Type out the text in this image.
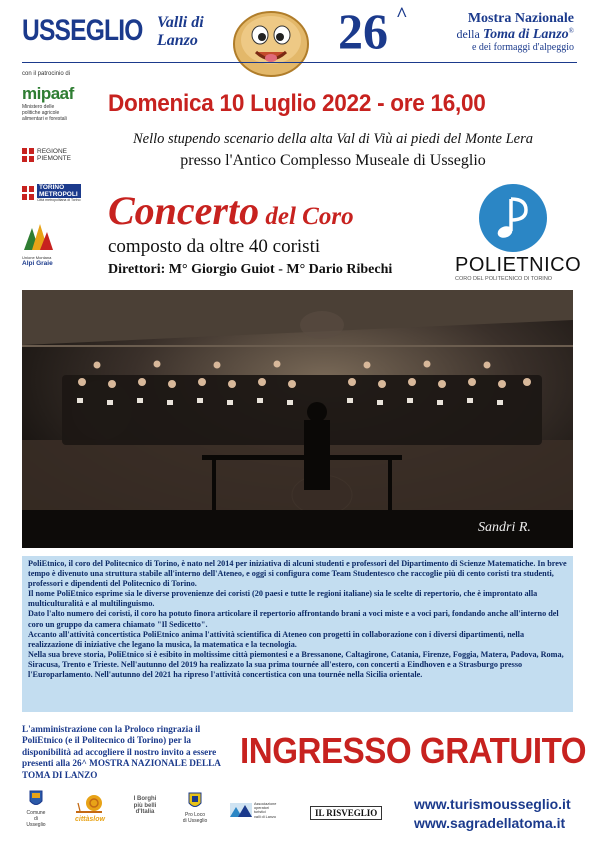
USSEGLIO Valli di
Lanzo	26 ^	Mostra Nazionale
della Toma di Lanzo®
e dei formaggi d'alpeggio
con il patrocinio di
mipaaf
Ministero delle
politiche agricole
alimentari e forestali
REGIONE
PIEMONTE
TORINO
METROPOLI
Città metropolitana di Torino
Unione Montana
Alpi Graie
Domenica 10 Luglio 2022 - ore 16,00
Nello stupendo scenario della alta Val di Viù ai piedi del Monte Lera
presso l'Antico Complesso Museale di Usseglio
Concerto del Coro
composto da oltre 40 coristi
Direttori: M° Giorgio Guiot - M° Dario Ribechi	POLIETNICO
CORO DEL POLITECNICO DI TORINO
Sandri R.

PoliEtnico, il coro del Politecnico di Torino, è nato nel 2014 per iniziativa di alcuni studenti e professori del Dipartimento di Scienze Matematiche. In breve tempo è divenuto una struttura stabile all'interno dell'Ateneo, e oggi si configura come Team Studentesco che raccoglie più di cento coristi tra studenti, professori e dipendenti del Politecnico di Torino.

Il nome PoliEtnico esprime sia le diverse provenienze dei coristi (20 paesi e tutte le regioni italiane) sia le scelte di repertorio, che è improntato alla multiculturalità e al multilinguismo.

Dato l'alto numero dei coristi, il coro ha potuto finora articolare il repertorio affrontando brani a voci miste e a voci pari, fondando anche all'interno del coro un gruppo da camera chiamato "Il Sedicetto".

Accanto all'attività concertistica PoliEtnico anima l'attività scientifica di Ateneo con progetti in collaborazione con i diversi dipartimenti, nella realizzazione di iniziative che legano la musica, la matematica e la tecnologia.

Nella sua breve storia, PoliEtnico si è esibito in moltissime città piemontesi e a Bressanone, Caltagirone, Catania, Firenze, Foggia, Matera, Padova, Roma, Siracusa, Trento e Trieste. Nell'autunno del 2019 ha realizzato la sua prima tournée all'estero, con concerti a Eindhoven e a Strasburgo presso l'Europarlamento. Nell'autunno del 2021 ha ripreso l'attività concertistica con una tournée nella Sicilia orientale.

L'amministrazione con la Proloco ringrazia il PoliEtnico (e il Politecnico di Torino) per la disponibilità ad accogliere il nostro invito a essere presenti alla 26^ MOSTRA NAZIONALE DELLA TOMA DI LANZO
INGRESSO GRATUITO
Comune di
Usseglio
cittàslow
I Borghi
più belli
d'Italia	Pro Loco
di Usseglio
Associazione
operatori
turistici
valli di Lanzo	IL RISVEGLIO
www.turismousseglio.it
www.sagradellatoma.it
